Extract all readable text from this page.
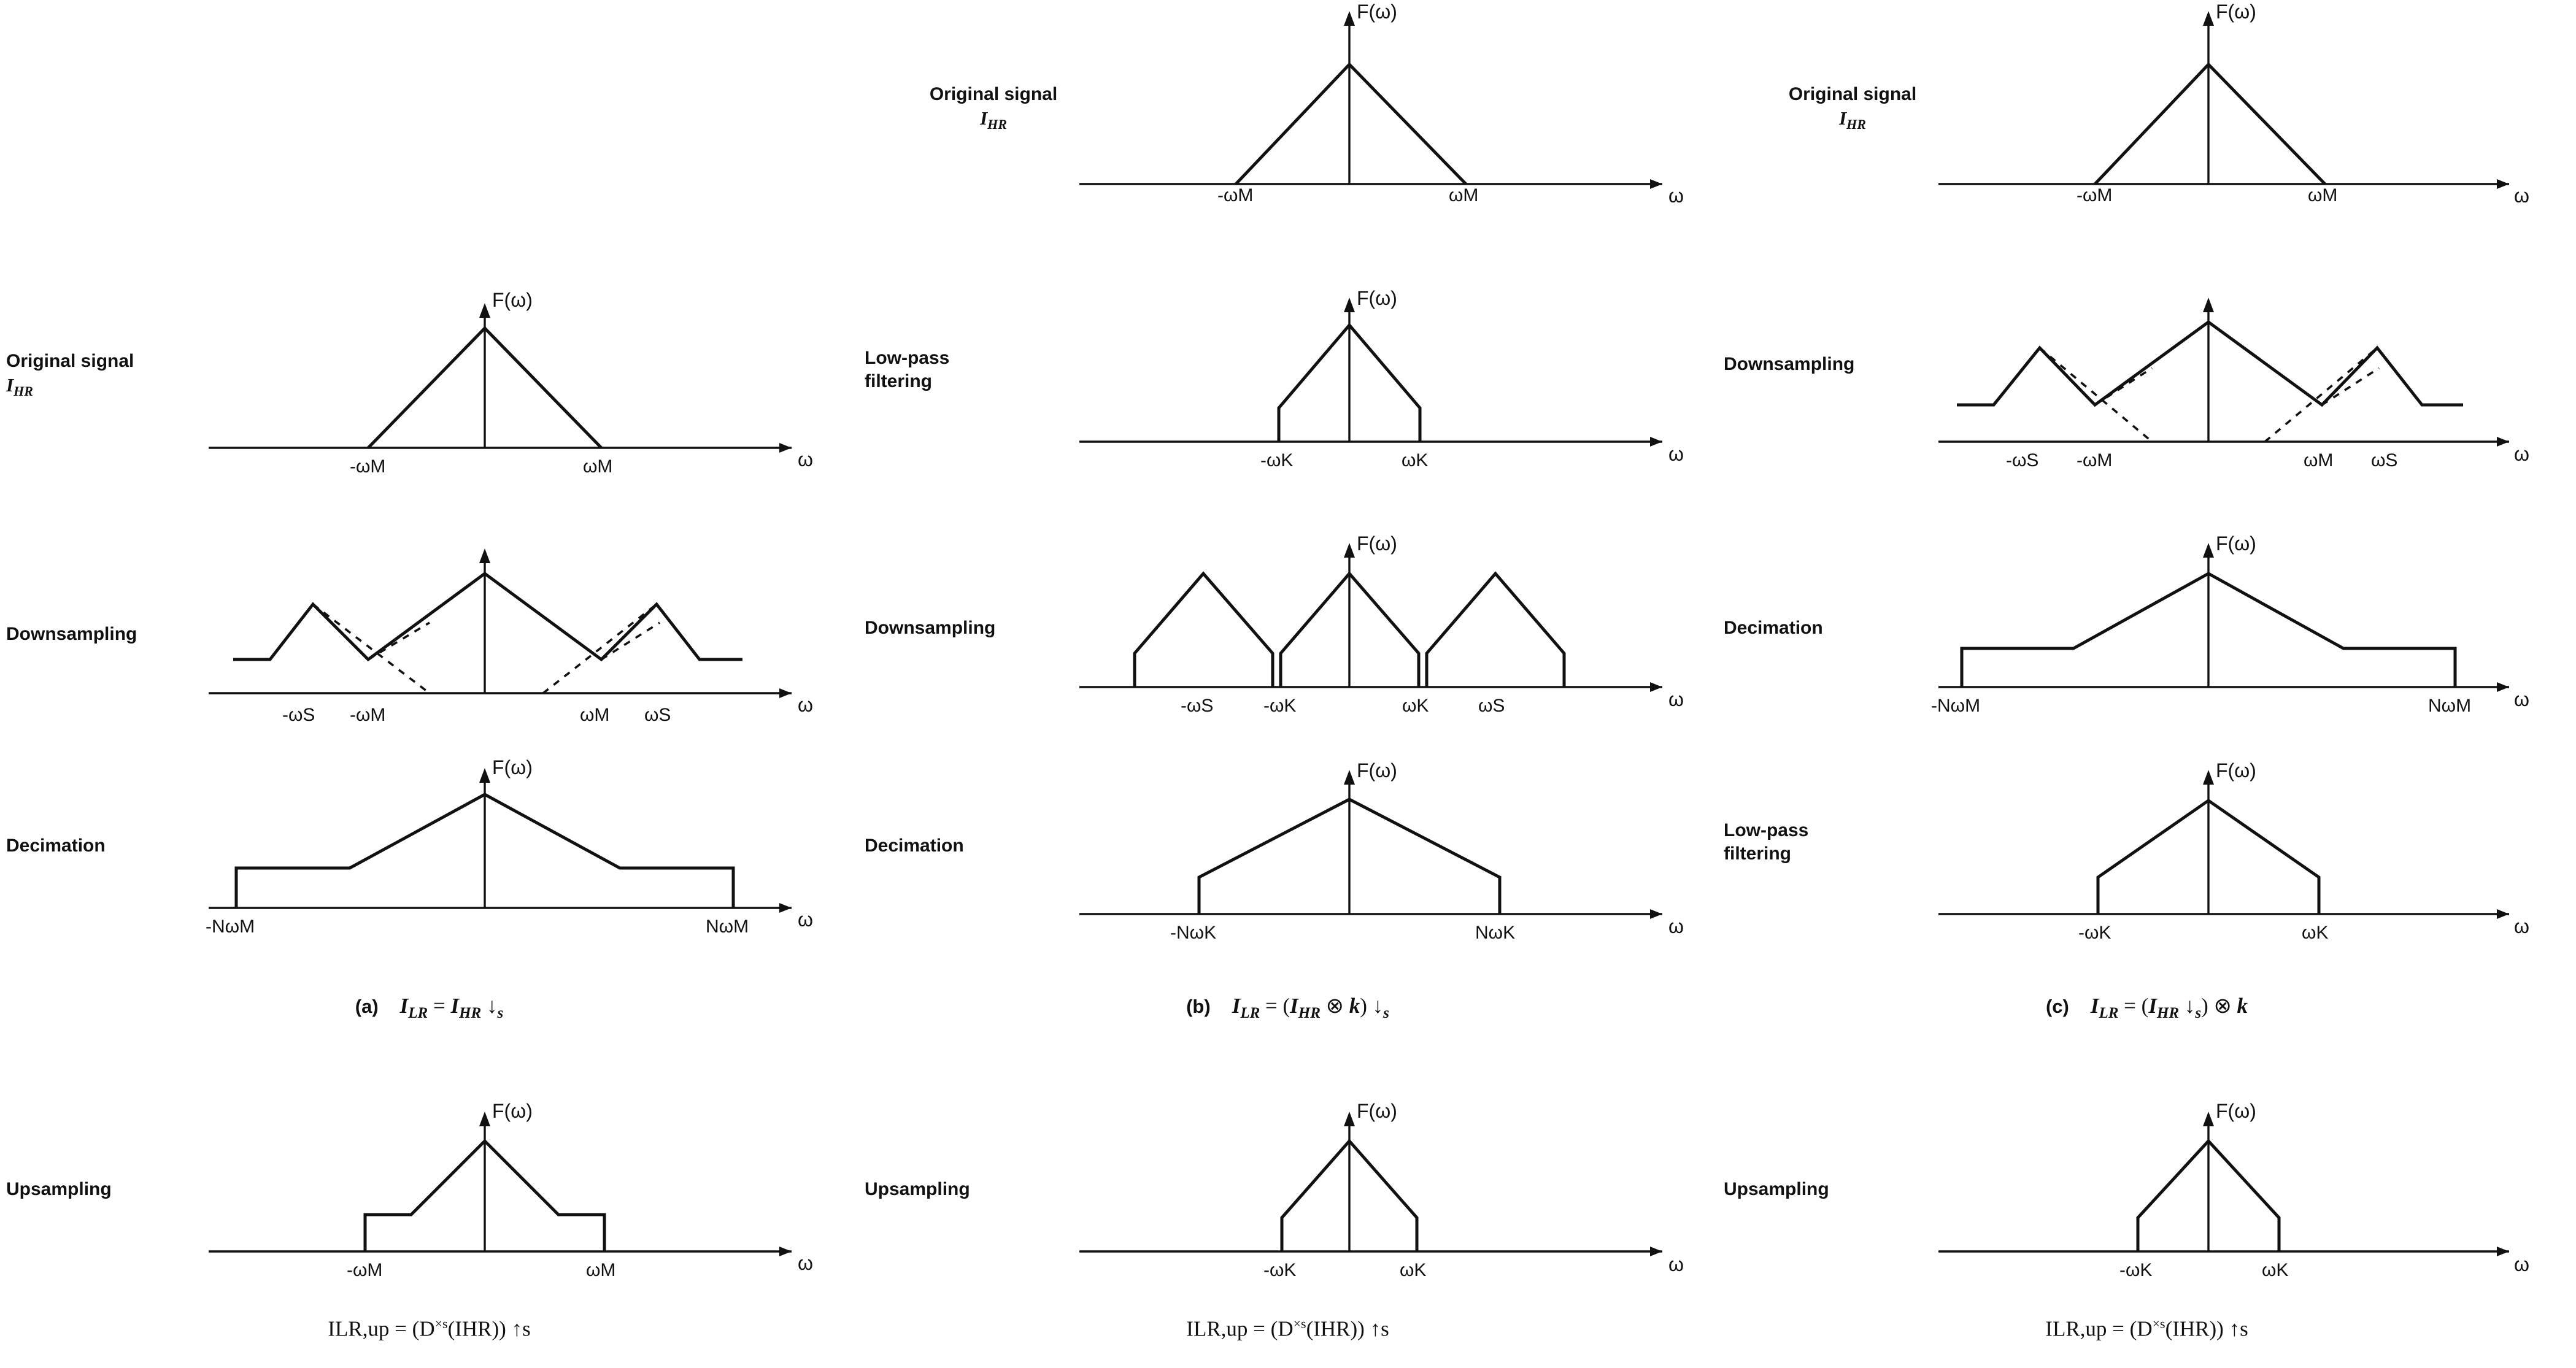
Original signal
$I_{HR}$
F(ω)
ω
-ωM	ωM
Downsampling
ω
-ωS -ωM	ωM ωS
Decimation
F(ω)
ω
-NωM	NωM
(a) $I_{LR} = I_{HR}$ $↓_s$
Upsampling
F(ω)
ω
-ωM	ωM
$ILR,up = (D^{\times s}(IHR))$ ↑s
Original signal
$I_{HR}$
F(ω)
ω
-ωM	ωM
Low-pass
filtering
F(ω)
ω
-ωK	ωK
Downsampling
F(ω)
ω
-ωS	-ωK	ωK	ωS
Decimation
F(ω)
ω
-NωK	NωK
(b) $I_{LR} = (I_{HR}$ ⊗ k) $↓_s$
Upsampling
F(ω)
ω
-ωK	ωK
$ILR,up = (D^{\times s}(IHR))$ ↑s
Original signal
$I_{HR}$
F(ω)
ω
-ωM	ωM
Downsampling
ω
-ωS -ωM	ωM ωS
Decimation
F(ω)
ω
-NωM	NωM
Low-pass
filtering
F(ω)
ω
-ωK	ωK
(c) $I_{LR} = (I_{HR}$ $↓_s$) ⊗ k
Upsampling
F(ω)
ω
-ωK	ωK
$ILR,up = (D^{\times s}(IHR))$ ↑s
